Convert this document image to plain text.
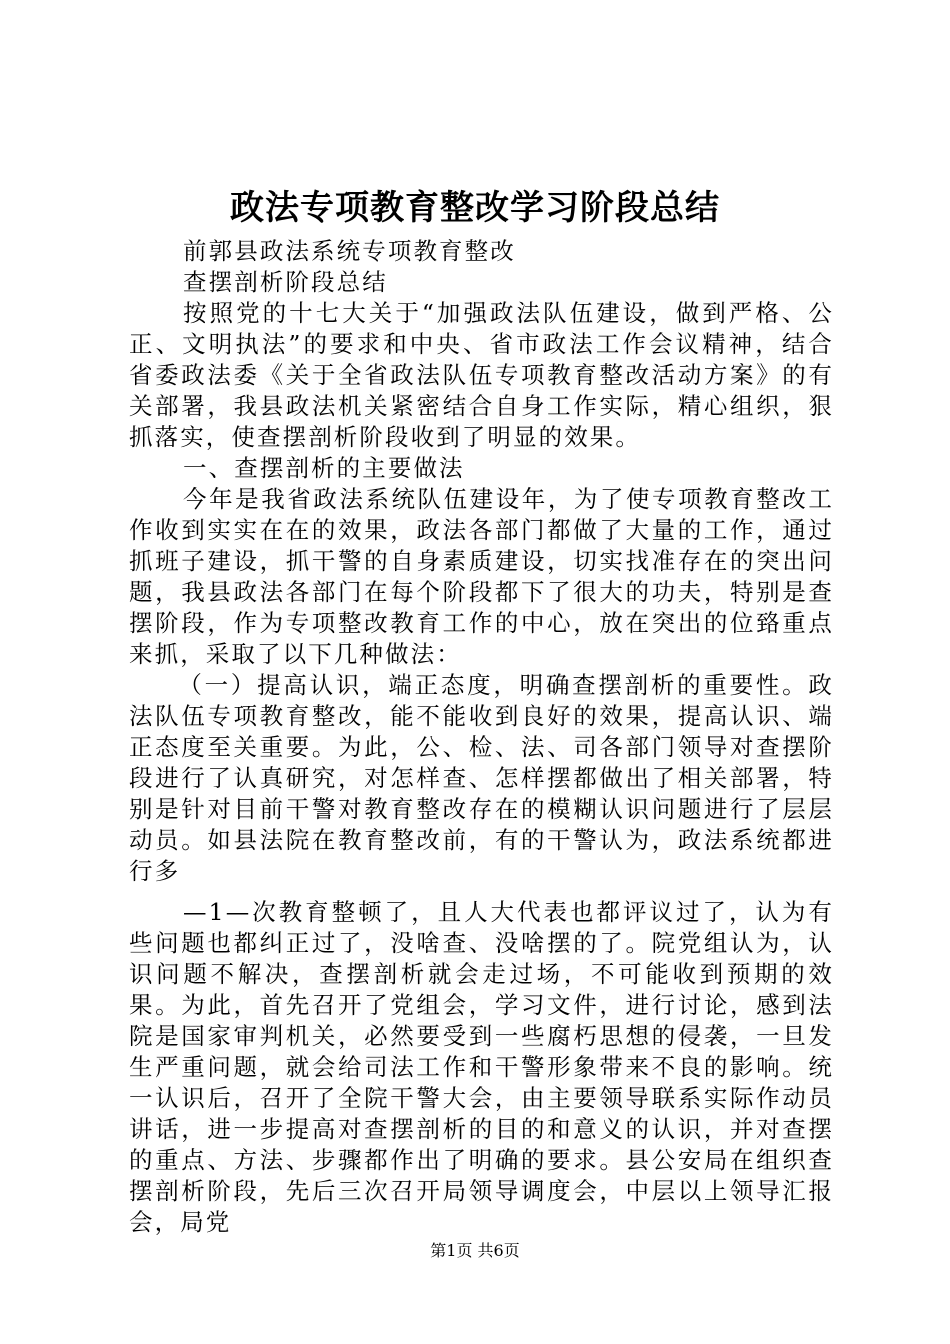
政法专项教育整改学习阶段总结

前郭县政法系统专项教育整改

查摆剖析阶段总结

按照党的十七大关于“加强政法队伍建设，做到严格、公正、文明执法”的要求和中央、省市政法工作会议精神，结合省委政法委《关于全省政法队伍专项教育整改活动方案》的有关部署，我县政法机关紧密结合自身工作实际，精心组织，狠抓落实，使查摆剖析阶段收到了明显的效果。

一、查摆剖析的主要做法

今年是我省政法系统队伍建设年，为了使专项教育整改工作收到实实在在的效果，政法各部门都做了大量的工作，通过抓班子建设，抓干警的自身素质建设，切实找准存在的突出问题，我县政法各部门在每个阶段都下了很大的功夫，特别是查摆阶段，作为专项整改教育工作的中心，放在突出的位臵重点来抓，采取了以下几种做法：

（一）提高认识，端正态度，明确查摆剖析的重要性。政法队伍专项教育整改，能不能收到良好的效果，提高认识、端正态度至关重要。为此，公、检、法、司各部门领导对查摆阶段进行了认真研究，对怎样查、怎样摆都做出了相关部署，特别是针对目前干警对教育整改存在的模糊认识问题进行了层层动员。如县法院在教育整改前，有的干警认为，政法系统都进行多

—1—次教育整顿了，且人大代表也都评议过了，认为有些问题也都纠正过了，没啥查、没啥摆的了。院党组认为，认识问题不解决，查摆剖析就会走过场，不可能收到预期的效果。为此，首先召开了党组会，学习文件，进行讨论，感到法院是国家审判机关，必然要受到一些腐朽思想的侵袭，一旦发生严重问题，就会给司法工作和干警形象带来不良的影响。统一认识后，召开了全院干警大会，由主要领导联系实际作动员讲话，进一步提高对查摆剖析的目的和意义的认识，并对查摆的重点、方法、步骤都作出了明确的要求。县公安局在组织查摆剖析阶段，先后三次召开局领导调度会，中层以上领导汇报会，局党

第1页 共6页
